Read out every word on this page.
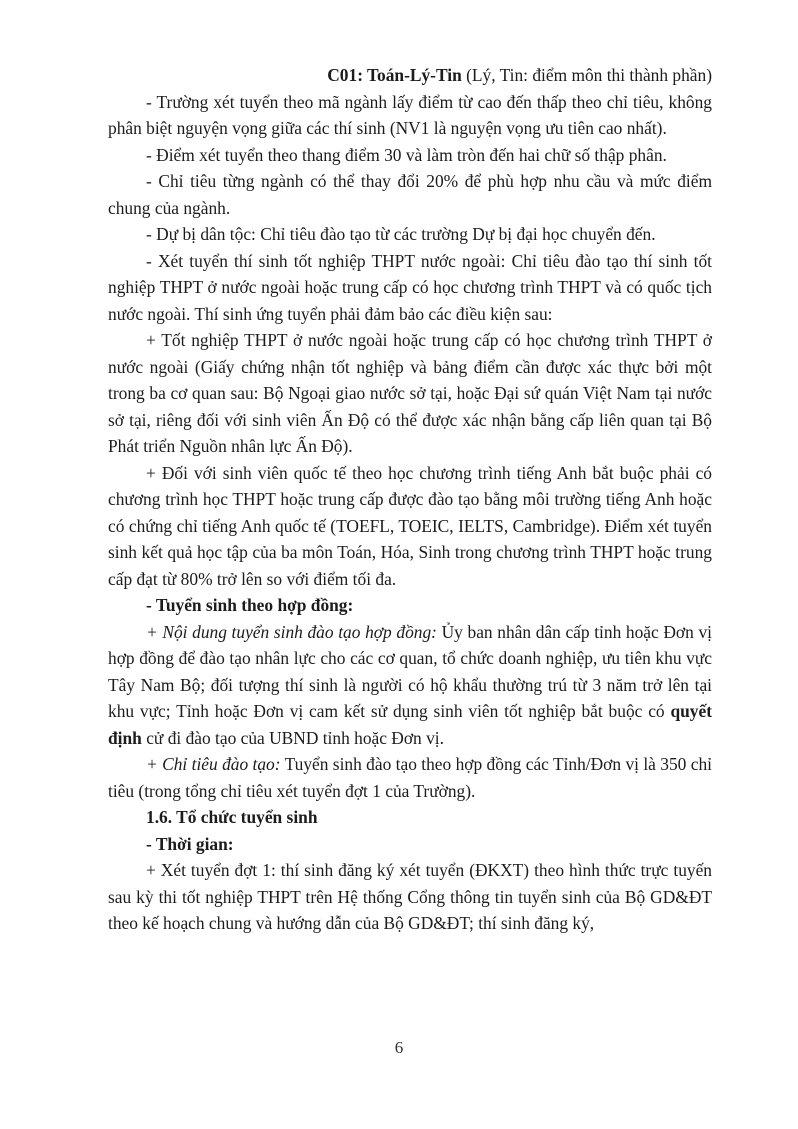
C01: Toán-Lý-Tin (Lý, Tin: điểm môn thi thành phần)

- Trường xét tuyển theo mã ngành lấy điểm từ cao đến thấp theo chỉ tiêu, không phân biệt nguyện vọng giữa các thí sinh (NV1 là nguyện vọng ưu tiên cao nhất).

- Điểm xét tuyển theo thang điểm 30 và làm tròn đến hai chữ số thập phân.

- Chỉ tiêu từng ngành có thể thay đổi 20% để phù hợp nhu cầu và mức điểm chung của ngành.

- Dự bị dân tộc: Chỉ tiêu đào tạo từ các trường Dự bị đại học chuyển đến.

- Xét tuyển thí sinh tốt nghiệp THPT nước ngoài: Chỉ tiêu đào tạo thí sinh tốt nghiệp THPT ở nước ngoài hoặc trung cấp có học chương trình THPT và có quốc tịch nước ngoài. Thí sinh ứng tuyển phải đảm bảo các điều kiện sau:

+ Tốt nghiệp THPT ở nước ngoài hoặc trung cấp có học chương trình THPT ở nước ngoài (Giấy chứng nhận tốt nghiệp và bảng điểm cần được xác thực bởi một trong ba cơ quan sau: Bộ Ngoại giao nước sở tại, hoặc Đại sứ quán Việt Nam tại nước sở tại, riêng đối với sinh viên Ấn Độ có thể được xác nhận bằng cấp liên quan tại Bộ Phát triển Nguồn nhân lực Ấn Độ).

+ Đối với sinh viên quốc tế theo học chương trình tiếng Anh bắt buộc phải có chương trình học THPT hoặc trung cấp được đào tạo bằng môi trường tiếng Anh hoặc có chứng chỉ tiếng Anh quốc tế (TOEFL, TOEIC, IELTS, Cambridge). Điểm xét tuyển sinh kết quả học tập của ba môn Toán, Hóa, Sinh trong chương trình THPT hoặc trung cấp đạt từ 80% trở lên so với điểm tối đa.

- Tuyển sinh theo hợp đồng:

+ Nội dung tuyển sinh đào tạo hợp đồng: Ủy ban nhân dân cấp tỉnh hoặc Đơn vị hợp đồng để đào tạo nhân lực cho các cơ quan, tổ chức doanh nghiệp, ưu tiên khu vực Tây Nam Bộ; đối tượng thí sinh là người có hộ khẩu thường trú từ 3 năm trở lên tại khu vực; Tỉnh hoặc Đơn vị cam kết sử dụng sinh viên tốt nghiệp bắt buộc có quyết định cử đi đào tạo của UBND tỉnh hoặc Đơn vị.

+ Chỉ tiêu đào tạo: Tuyển sinh đào tạo theo hợp đồng các Tỉnh/Đơn vị là 350 chỉ tiêu (trong tổng chỉ tiêu xét tuyển đợt 1 của Trường).

1.6. Tổ chức tuyển sinh

- Thời gian:

+ Xét tuyển đợt 1: thí sinh đăng ký xét tuyển (ĐKXT) theo hình thức trực tuyến sau kỳ thi tốt nghiệp THPT trên Hệ thống Cổng thông tin tuyển sinh của Bộ GD&ĐT theo kế hoạch chung và hướng dẫn của Bộ GD&ĐT; thí sinh đăng ký,

6
